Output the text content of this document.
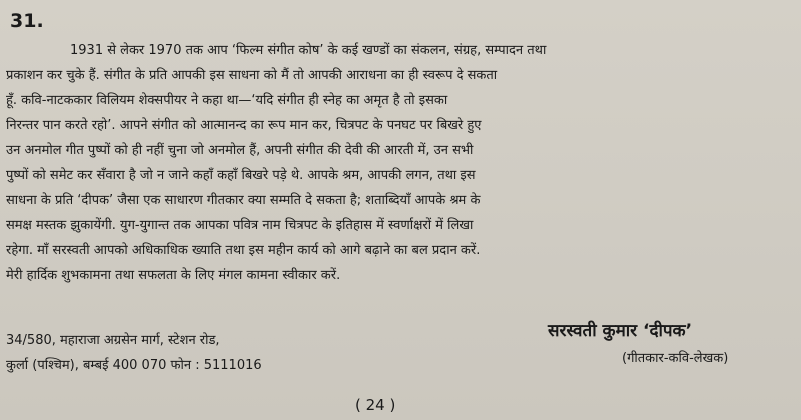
31.
1931 से लेकर 1970 तक आप ‘फिल्म संगीत कोष’ के कई खण्डों का संकलन, संग्रह, सम्पादन तथा
प्रकाशन कर चुके हैं. संगीत के प्रति आपकी इस साधना को मैं तो आपकी आराधना का ही स्वरूप दे सकता
हूँ. कवि-नाटककार विलियम शेक्सपीयर ने कहा था—‘यदि संगीत ही स्नेह का अमृत है तो इसका
निरन्तर पान करते रहो’. आपने संगीत को आत्मानन्द का रूप मान कर, चित्रपट के पनघट पर बिखरे हुए
उन अनमोल गीत पुष्पों को ही नहीं चुना जो अनमोल हैं, अपनी संगीत की देवी की आरती में, उन सभी
पुष्पों को समेट कर सँवारा है जो न जाने कहाँ कहाँ बिखरे पड़े थे. आपके श्रम, आपकी लगन, तथा इस
साधना के प्रति ‘दीपक’ जैसा एक साधारण गीतकार क्या सम्मति दे सकता है; शताब्दियाँ आपके श्रम के
समक्ष मस्तक झुकायेंगी. युग-युगान्त तक आपका पवित्र नाम चित्रपट के इतिहास में स्वर्णाक्षरों में लिखा
रहेगा. माँ सरस्वती आपको अधिकाधिक ख्याति तथा इस महीन कार्य को आगे बढ़ाने का बल प्रदान करें.
मेरी हार्दिक शुभकामना तथा सफलता के लिए मंगल कामना स्वीकार करें.
सरस्वती कुमार ‘दीपक’
(गीतकार-कवि-लेखक)
34/580, महाराजा अग्रसेन मार्ग, स्टेशन रोड,
कुर्ला (पश्चिम), बम्बई 400 070 फोन : 5111016
( 24 )
